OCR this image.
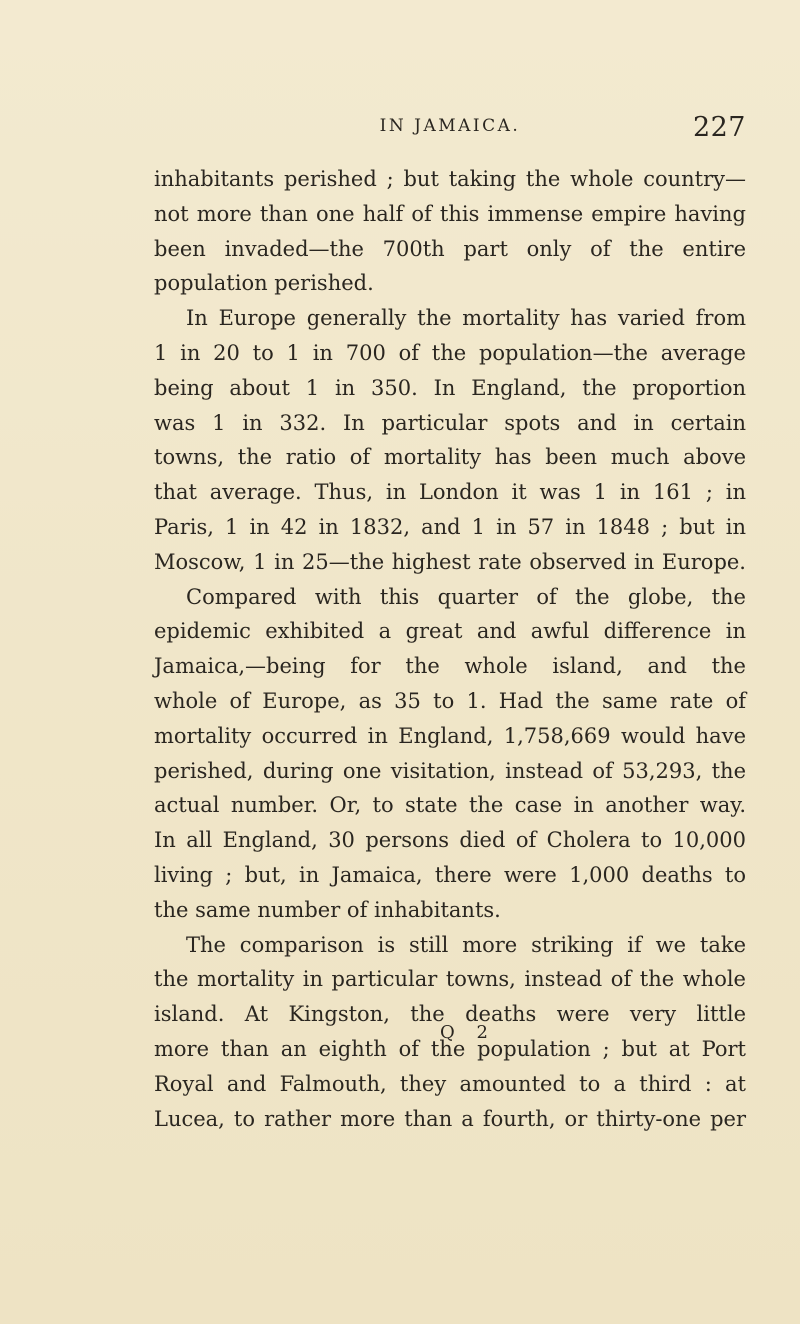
IN JAMAICA.	227
inhabitants perished ; but taking the whole country—
not more than one half of this immense empire having
been invaded—the 700th part only of the entire
population perished.
In Europe generally the mortality has varied from
1 in 20 to 1 in 700 of the population—the average
being about 1 in 350. In England, the proportion
was 1 in 332. In particular spots and in certain
towns, the ratio of mortality has been much above
that average. Thus, in London it was 1 in 161 ; in
Paris, 1 in 42 in 1832, and 1 in 57 in 1848 ; but in
Moscow, 1 in 25—the highest rate observed in Europe.
Compared with this quarter of the globe, the
epidemic exhibited a great and awful difference in
Jamaica,—being for the whole island, and the
whole of Europe, as 35 to 1. Had the same rate of
mortality occurred in England, 1,758,669 would have
perished, during one visitation, instead of 53,293, the
actual number. Or, to state the case in another way.
In all England, 30 persons died of Cholera to 10,000
living ; but, in Jamaica, there were 1,000 deaths to
the same number of inhabitants.
The comparison is still more striking if we take
the mortality in particular towns, instead of the whole
island. At Kingston, the deaths were very little
more than an eighth of the population ; but at Port
Royal and Falmouth, they amounted to a third : at
Lucea, to rather more than a fourth, or thirty-one per
Q 2
